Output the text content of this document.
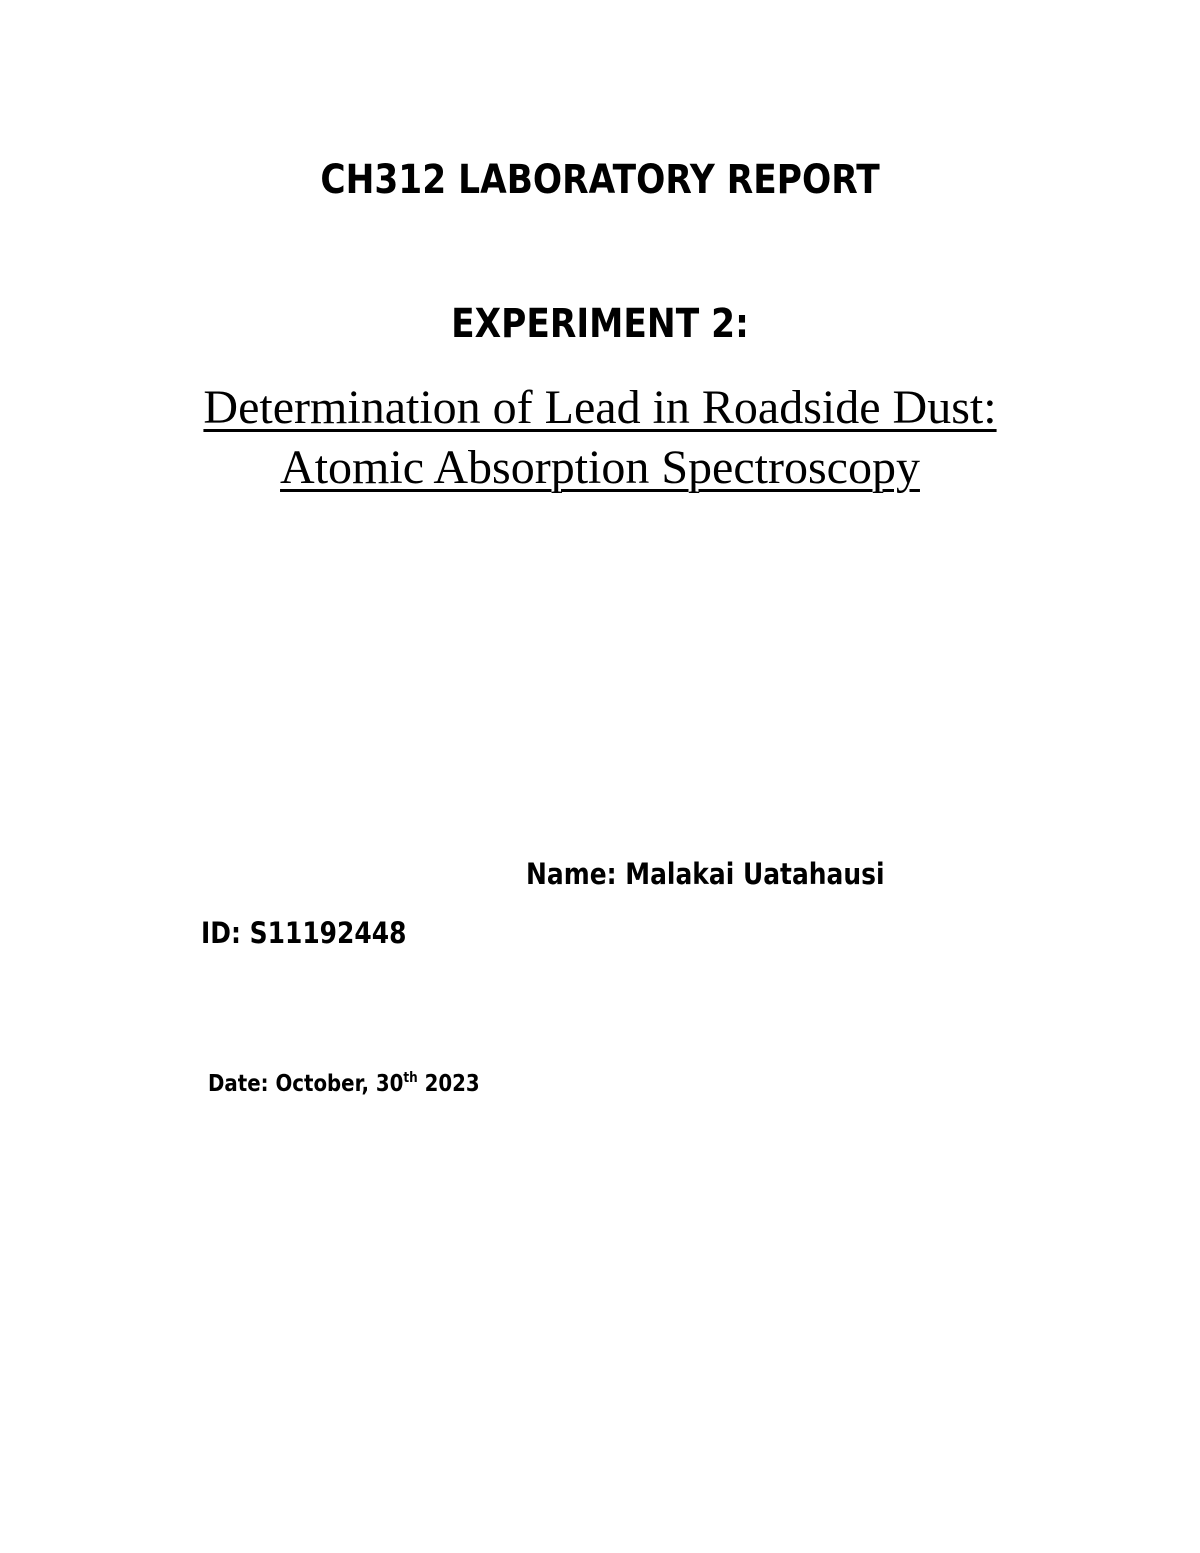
CH312 LABORATORY REPORT
EXPERIMENT 2:
Determination of Lead in Roadside Dust:
Atomic Absorption Spectroscopy
Name: Malakai Uatahausi
ID: S11192448
Date: October, 30th 2023
